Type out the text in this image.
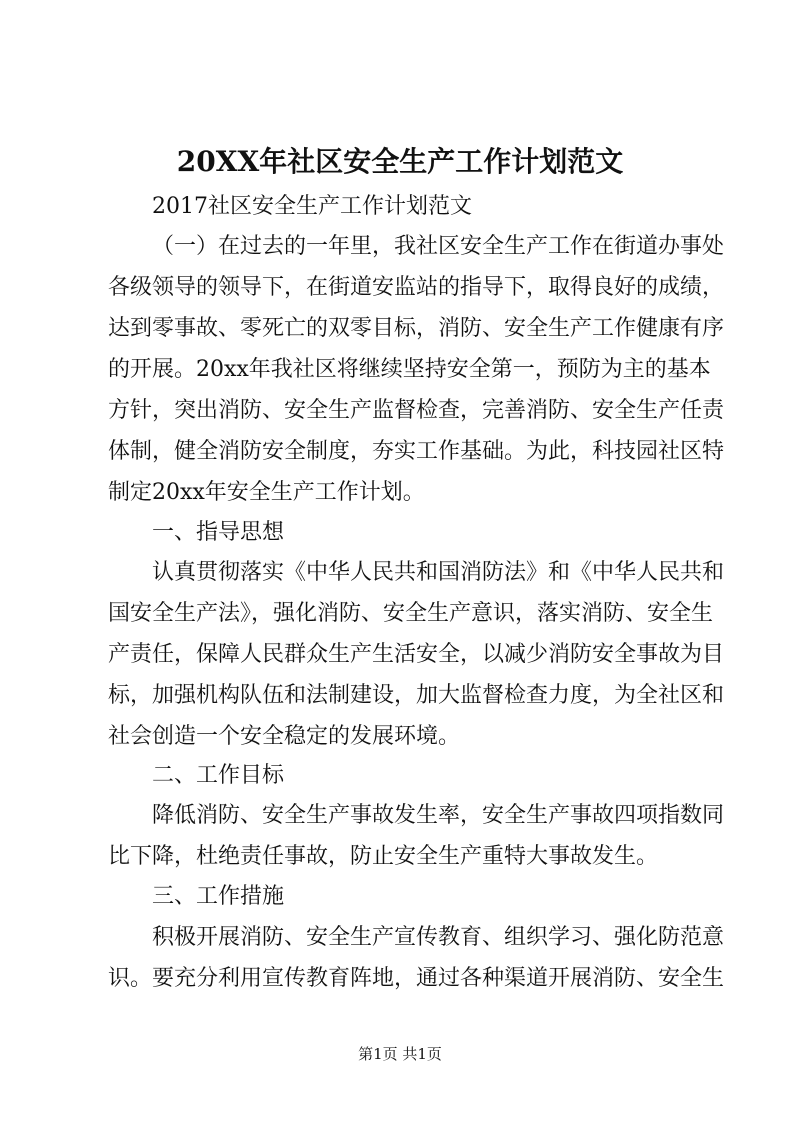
20XX年社区安全生产工作计划范文

2017社区安全生产工作计划范文

（一）在过去的一年里，我社区安全生产工作在街道办事处

各级领导的领导下，在街道安监站的指导下，取得良好的成绩，

达到零事故、零死亡的双零目标，消防、安全生产工作健康有序

的开展。20xx年我社区将继续坚持安全第一，预防为主的基本

方针，突出消防、安全生产监督检查，完善消防、安全生产任责

体制，健全消防安全制度，夯实工作基础。为此，科技园社区特

制定20xx年安全生产工作计划。

一、指导思想

认真贯彻落实《中华人民共和国消防法》和《中华人民共和

国安全生产法》，强化消防、安全生产意识，落实消防、安全生

产责任，保障人民群众生产生活安全，以减少消防安全事故为目

标，加强机构队伍和法制建设，加大监督检查力度，为全社区和

社会创造一个安全稳定的发展环境。

二、工作目标

降低消防、安全生产事故发生率，安全生产事故四项指数同

比下降，杜绝责任事故，防止安全生产重特大事故发生。

三、工作措施

积极开展消防、安全生产宣传教育、组织学习、强化防范意

识。要充分利用宣传教育阵地，通过各种渠道开展消防、安全生

第1页 共1页
